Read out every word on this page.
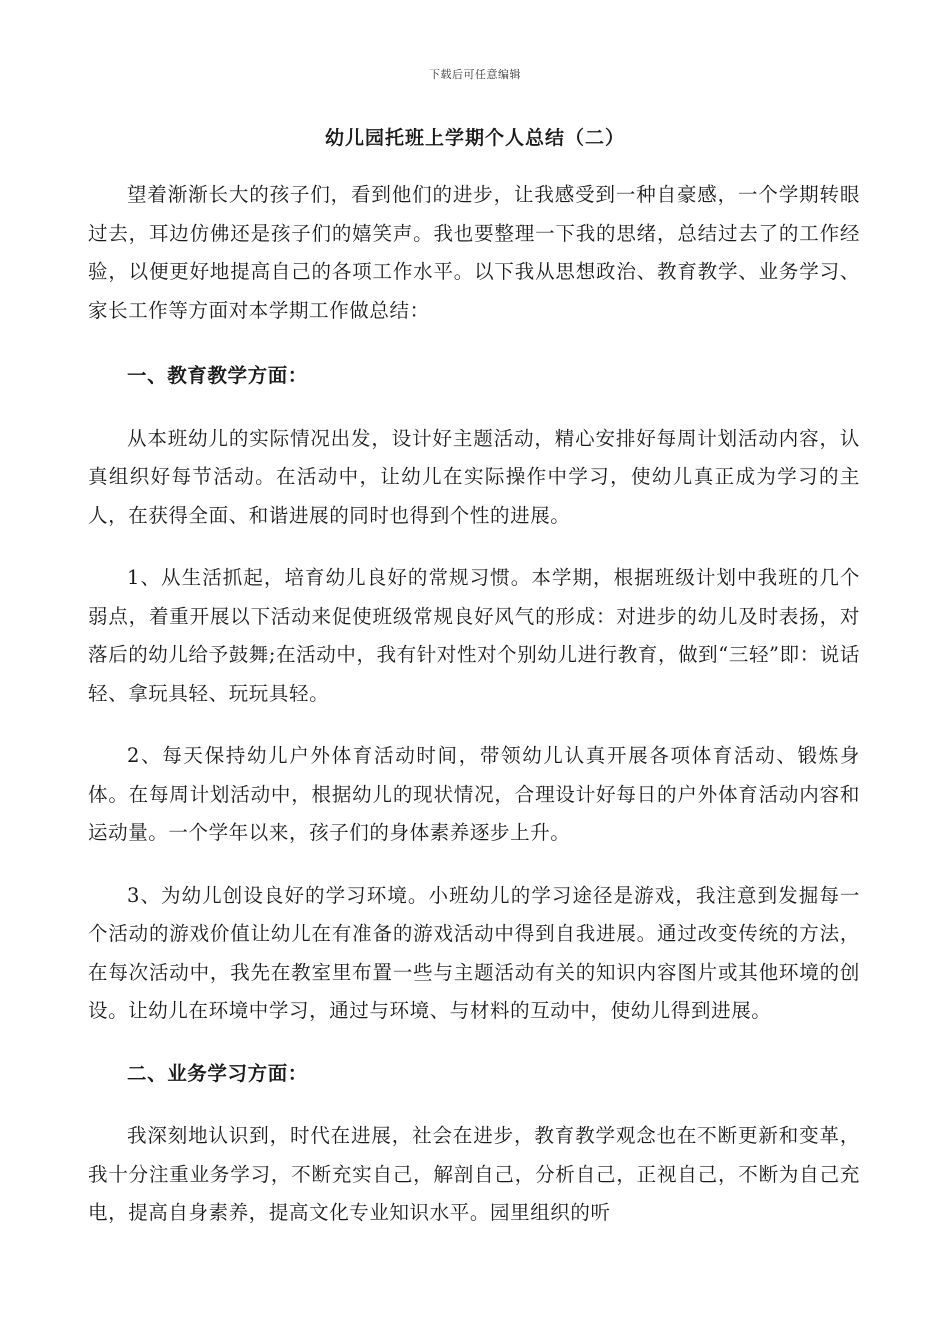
下载后可任意编辑
幼儿园托班上学期个人总结（二）

望着渐渐长大的孩子们，看到他们的进步，让我感受到一种自豪感，一个学期转眼过去，耳边仿佛还是孩子们的嬉笑声。我也要整理一下我的思绪，总结过去了的工作经验，以便更好地提高自己的各项工作水平。以下我从思想政治、教育教学、业务学习、家长工作等方面对本学期工作做总结：

一、教育教学方面：

从本班幼儿的实际情况出发，设计好主题活动，精心安排好每周计划活动内容，认真组织好每节活动。在活动中，让幼儿在实际操作中学习，使幼儿真正成为学习的主人，在获得全面、和谐进展的同时也得到个性的进展。

1、从生活抓起，培育幼儿良好的常规习惯。本学期，根据班级计划中我班的几个弱点，着重开展以下活动来促使班级常规良好风气的形成：对进步的幼儿及时表扬，对落后的幼儿给予鼓舞;在活动中，我有针对性对个别幼儿进行教育，做到“三轻”即：说话轻、拿玩具轻、玩玩具轻。

2、每天保持幼儿户外体育活动时间，带领幼儿认真开展各项体育活动、锻炼身体。在每周计划活动中，根据幼儿的现状情况，合理设计好每日的户外体育活动内容和运动量。一个学年以来，孩子们的身体素养逐步上升。

3、为幼儿创设良好的学习环境。小班幼儿的学习途径是游戏，我注意到发掘每一个活动的游戏价值让幼儿在有准备的游戏活动中得到自我进展。通过改变传统的方法，在每次活动中，我先在教室里布置一些与主题活动有关的知识内容图片或其他环境的创设。让幼儿在环境中学习，通过与环境、与材料的互动中，使幼儿得到进展。

二、业务学习方面：

我深刻地认识到，时代在进展，社会在进步，教育教学观念也在不断更新和变革，我十分注重业务学习，不断充实自己，解剖自己，分析自己，正视自己，不断为自己充电，提高自身素养，提高文化专业知识水平。园里组织的听
